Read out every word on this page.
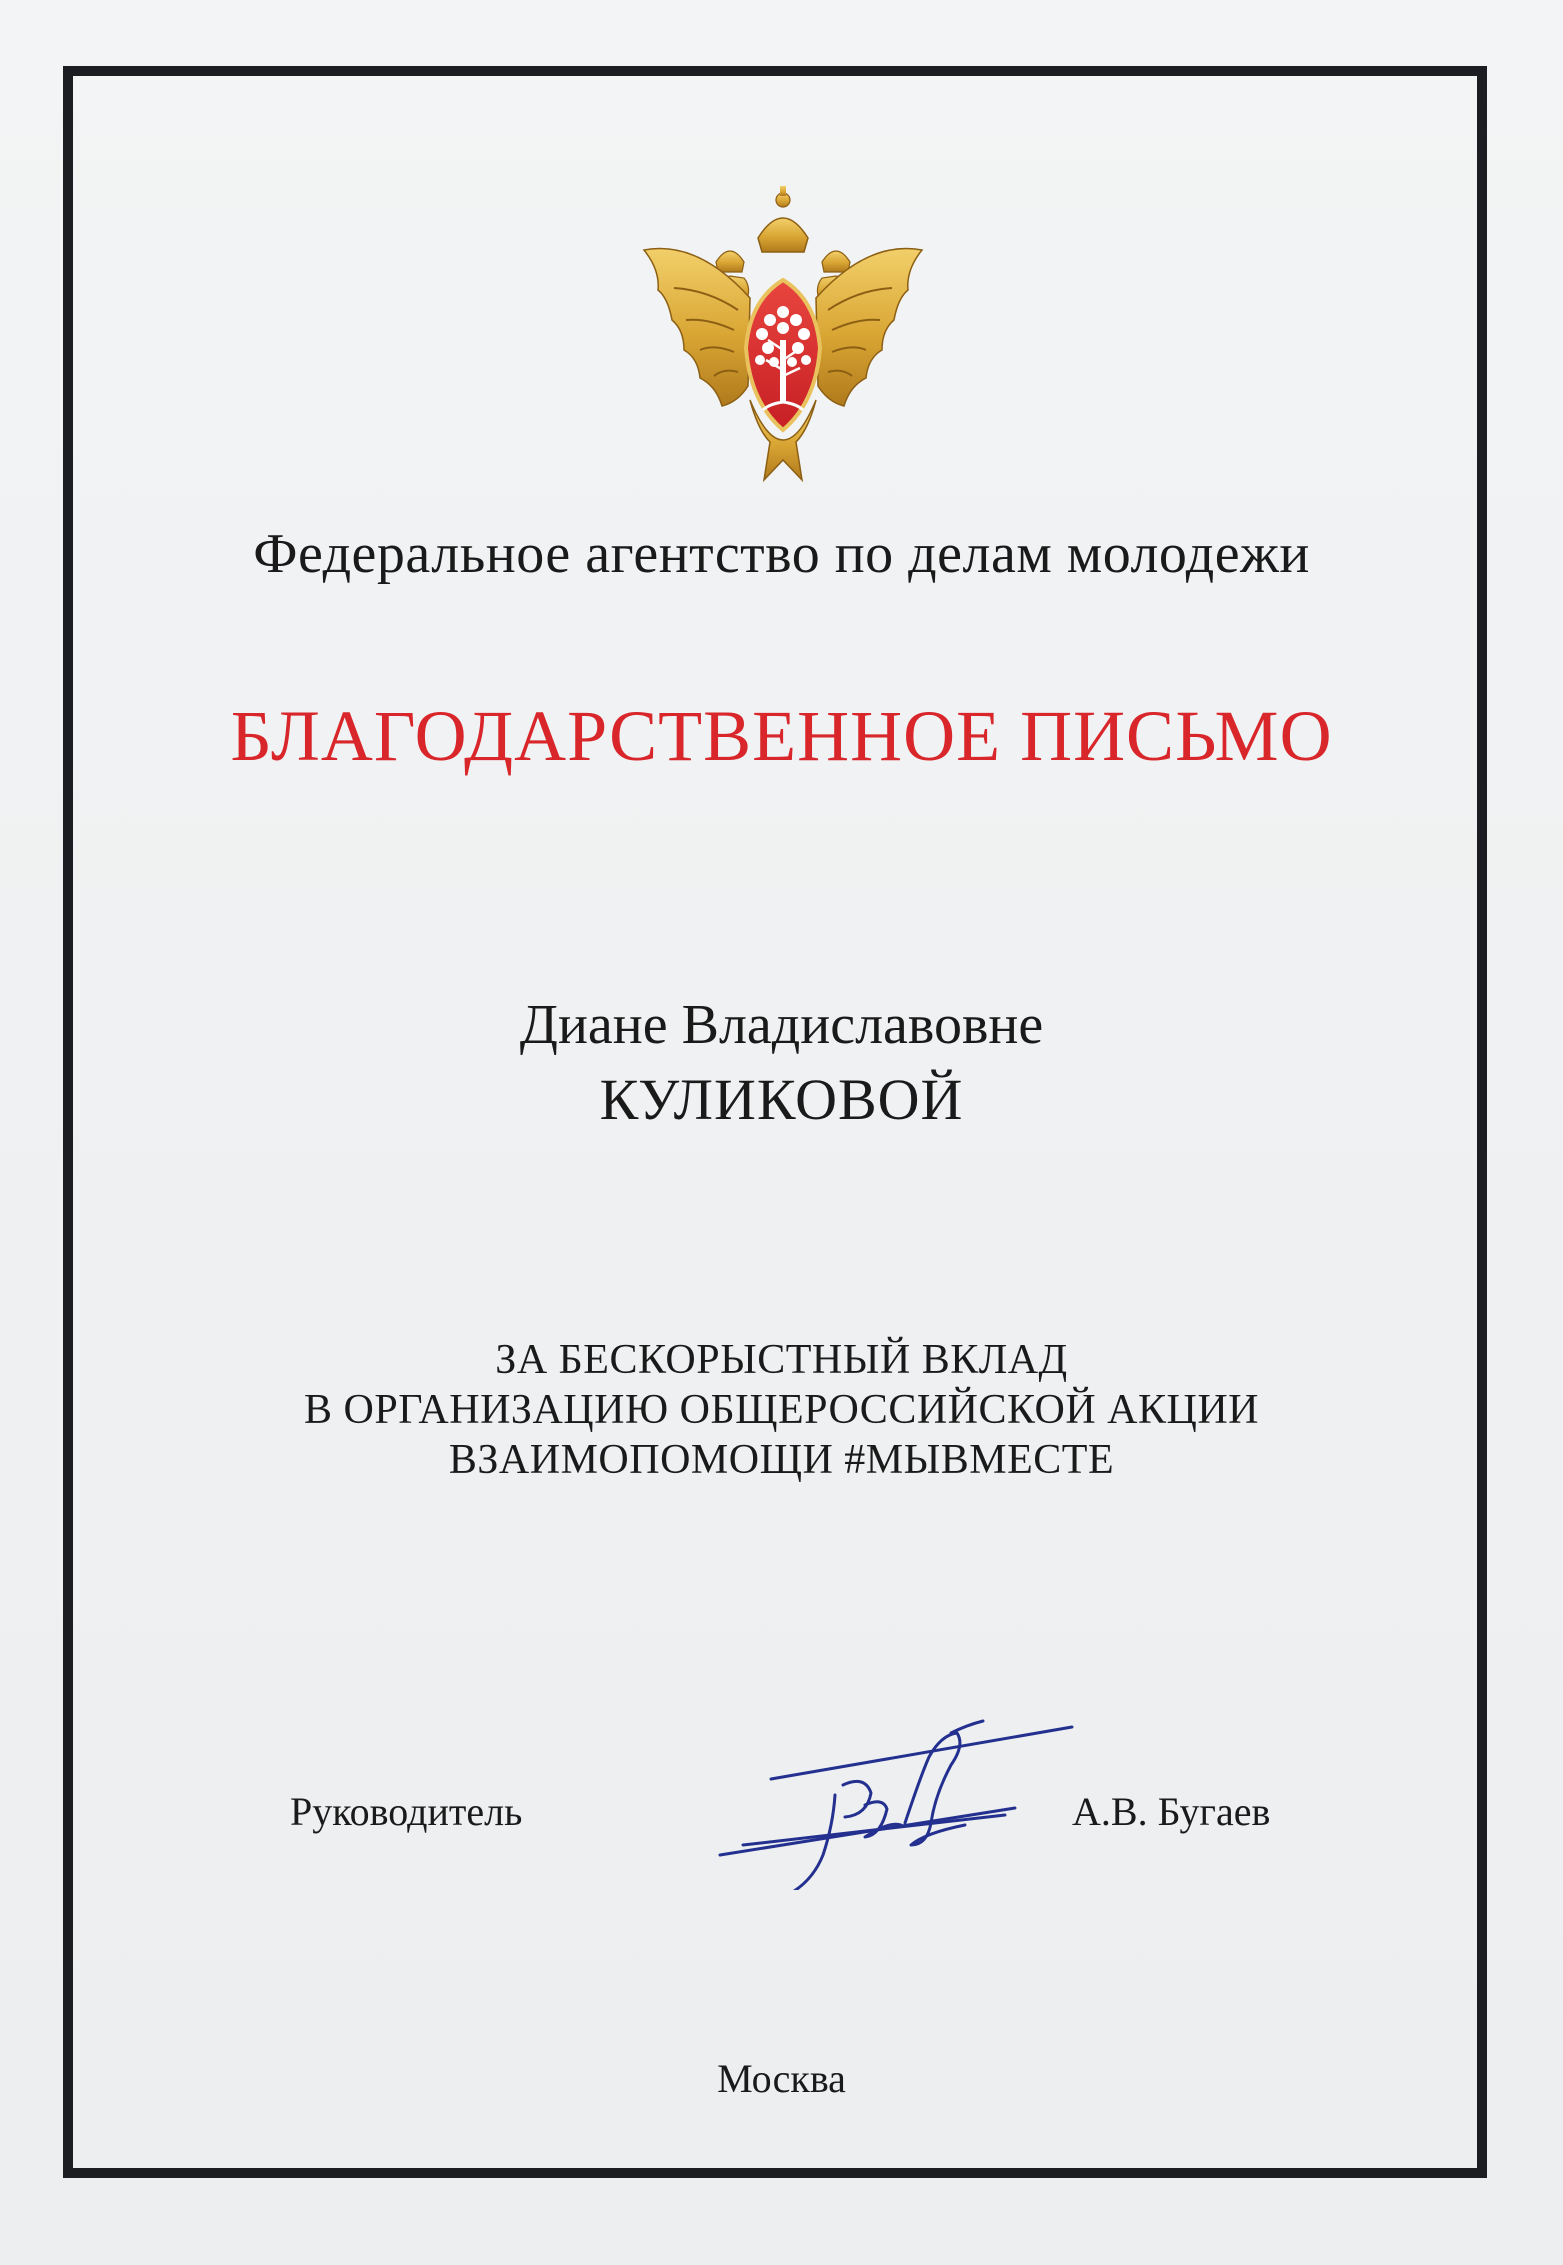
Федеральное агентство по делам молодежи
БЛАГОДАРСТВЕННОЕ ПИСЬМО
Диане Владиславовне
КУЛИКОВОЙ
ЗА БЕСКОРЫСТНЫЙ ВКЛАД
В ОРГАНИЗАЦИЮ ОБЩЕРОССИЙСКОЙ АКЦИИ
ВЗАИМОПОМОЩИ #МЫВМЕСТЕ
Руководитель	А.В. Бугаев
Москва
